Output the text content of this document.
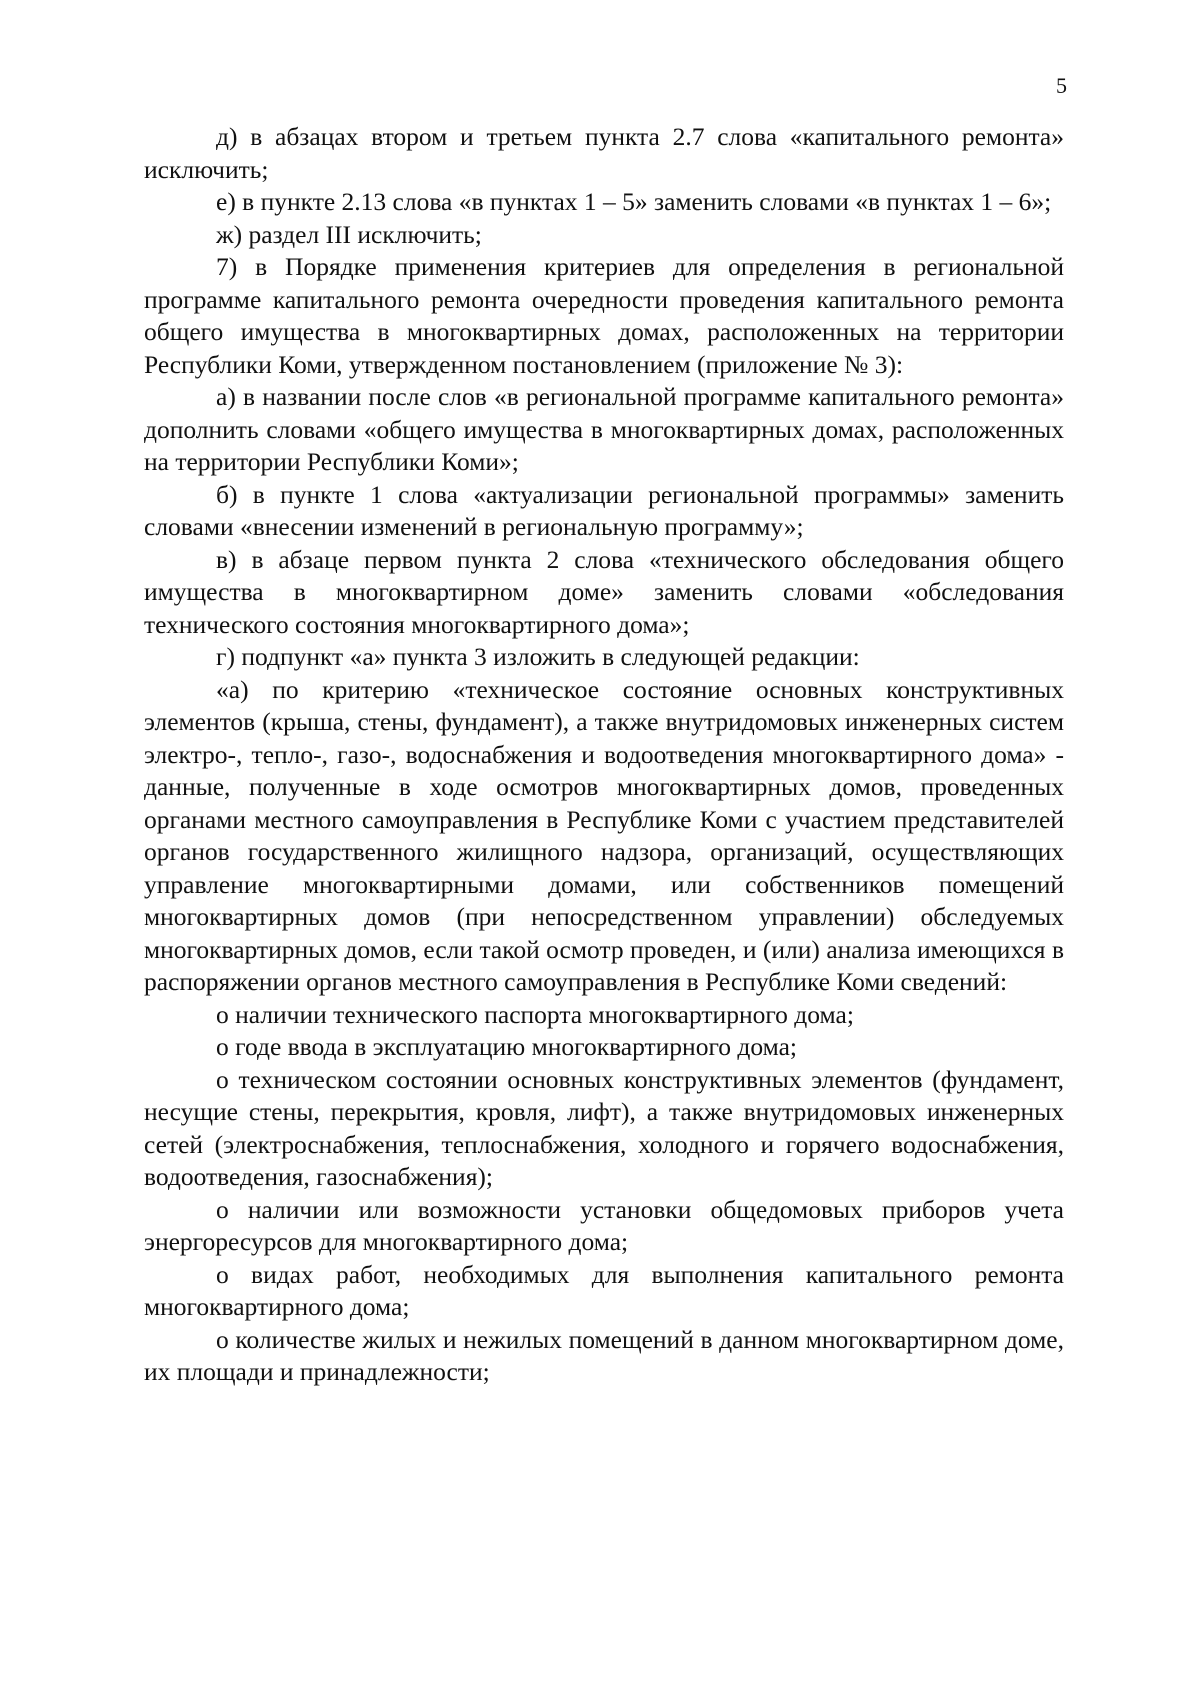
5

д) в абзацах втором и третьем пункта 2.7 слова «капитального ремонта» исключить;

е) в пункте 2.13 слова «в пунктах 1 – 5» заменить словами «в пунктах 1 – 6»;

ж) раздел III исключить;

7) в Порядке применения критериев для определения в региональной программе капитального ремонта очередности проведения капитального ремонта общего имущества в многоквартирных домах, расположенных на территории Республики Коми, утвержденном постановлением (приложение № 3):

а) в названии после слов «в региональной программе капитального ремонта» дополнить словами «общего имущества в многоквартирных домах, расположенных на территории Республики Коми»;

б) в пункте 1 слова «актуализации региональной программы» заменить словами «внесении изменений в региональную программу»;

в) в абзаце первом пункта 2 слова «технического обследования общего имущества в многоквартирном доме» заменить словами «обследования технического состояния многоквартирного дома»;

г) подпункт «а» пункта 3 изложить в следующей редакции:

«а) по критерию «техническое состояние основных конструктивных элементов (крыша, стены, фундамент), а также внутридомовых инженерных систем электро-, тепло-, газо-, водоснабжения и водоотведения многоквартирного дома» - данные, полученные в ходе осмотров многоквартирных домов, проведенных органами местного самоуправления в Республике Коми с участием представителей органов государственного жилищного надзора, организаций, осуществляющих управление многоквартирными домами, или собственников помещений многоквартирных домов (при непосредственном управлении) обследуемых многоквартирных домов, если такой осмотр проведен, и (или) анализа имеющихся в распоряжении органов местного самоуправления в Республике Коми сведений:

о наличии технического паспорта многоквартирного дома;

о годе ввода в эксплуатацию многоквартирного дома;

о техническом состоянии основных конструктивных элементов (фундамент, несущие стены, перекрытия, кровля, лифт), а также внутридомовых инженерных сетей (электроснабжения, теплоснабжения, холодного и горячего водоснабжения, водоотведения, газоснабжения);

о наличии или возможности установки общедомовых приборов учета энергоресурсов для многоквартирного дома;

о видах работ, необходимых для выполнения капитального ремонта многоквартирного дома;

о количестве жилых и нежилых помещений в данном многоквартирном доме, их площади и принадлежности;
